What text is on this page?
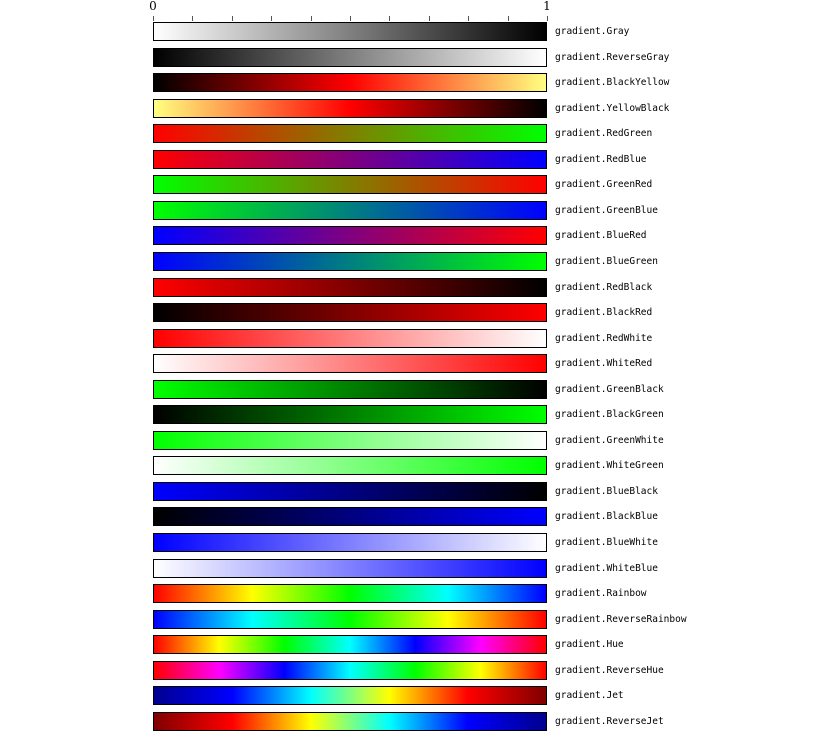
0	1
gradient.Gray
gradient.ReverseGray
gradient.BlackYellow
gradient.YellowBlack
gradient.RedGreen
gradient.RedBlue
gradient.GreenRed
gradient.GreenBlue
gradient.BlueRed
gradient.BlueGreen
gradient.RedBlack
gradient.BlackRed
gradient.RedWhite
gradient.WhiteRed
gradient.GreenBlack
gradient.BlackGreen
gradient.GreenWhite
gradient.WhiteGreen
gradient.BlueBlack
gradient.BlackBlue
gradient.BlueWhite
gradient.WhiteBlue
gradient.Rainbow
gradient.ReverseRainbow
gradient.Hue
gradient.ReverseHue
gradient.Jet
gradient.ReverseJet
